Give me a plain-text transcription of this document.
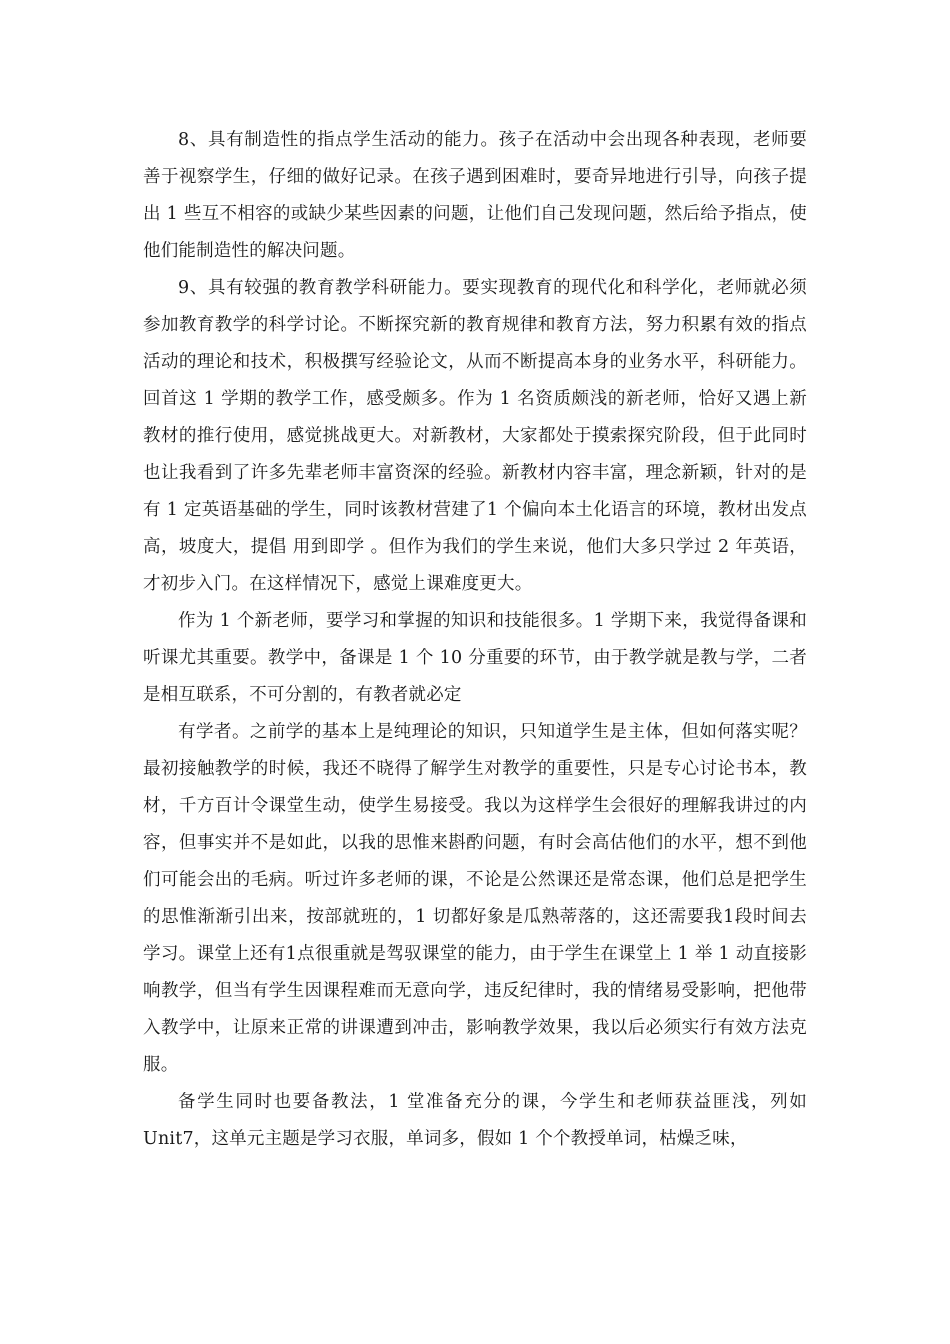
8、具有制造性的指点学生活动的能力。孩子在活动中会出现各种表现，老师要善于视察学生，仔细的做好记录。在孩子遇到困难时，要奇异地进行引导，向孩子提出 1 些互不相容的或缺少某些因素的问题，让他们自己发现问题，然后给予指点，使他们能制造性的解决问题。

9、具有较强的教育教学科研能力。要实现教育的现代化和科学化，老师就必须参加教育教学的科学讨论。不断探究新的教育规律和教育方法，努力积累有效的指点活动的理论和技术，积极撰写经验论文，从而不断提高本身的业务水平，科研能力。回首这 1 学期的教学工作，感受颇多。作为 1 名资质颇浅的新老师，恰好又遇上新教材的推行使用，感觉挑战更大。对新教材，大家都处于摸索探究阶段，但于此同时也让我看到了许多先辈老师丰富资深的经验。新教材内容丰富，理念新颖，针对的是有 1 定英语基础的学生，同时该教材营建了1 个偏向本土化语言的环境，教材出发点高，坡度大，提倡 用到即学 。但作为我们的学生来说，他们大多只学过 2 年英语，才初步入门。在这样情况下，感觉上课难度更大。

作为 1 个新老师，要学习和掌握的知识和技能很多。1 学期下来，我觉得备课和听课尤其重要。教学中，备课是 1 个 10 分重要的环节，由于教学就是教与学，二者是相互联系，不可分割的，有教者就必定

有学者。之前学的基本上是纯理论的知识，只知道学生是主体，但如何落实呢？最初接触教学的时候，我还不晓得了解学生对教学的重要性，只是专心讨论书本，教材，千方百计令课堂生动，使学生易接受。我以为这样学生会很好的理解我讲过的内容，但事实并不是如此，以我的思惟来斟酌问题，有时会高估他们的水平，想不到他们可能会出的毛病。听过许多老师的课，不论是公然课还是常态课，他们总是把学生的思惟渐渐引出来，按部就班的，1 切都好象是瓜熟蒂落的，这还需要我1段时间去学习。课堂上还有1点很重就是驾驭课堂的能力，由于学生在课堂上 1 举 1 动直接影响教学，但当有学生因课程难而无意向学，违反纪律时，我的情绪易受影响，把他带入教学中，让原来正常的讲课遭到冲击，影响教学效果，我以后必须实行有效方法克服。

备学生同时也要备教法，1 堂准备充分的课，今学生和老师获益匪浅，列如Unit7，这单元主题是学习衣服，单词多，假如 1 个个教授单词，枯燥乏味，
